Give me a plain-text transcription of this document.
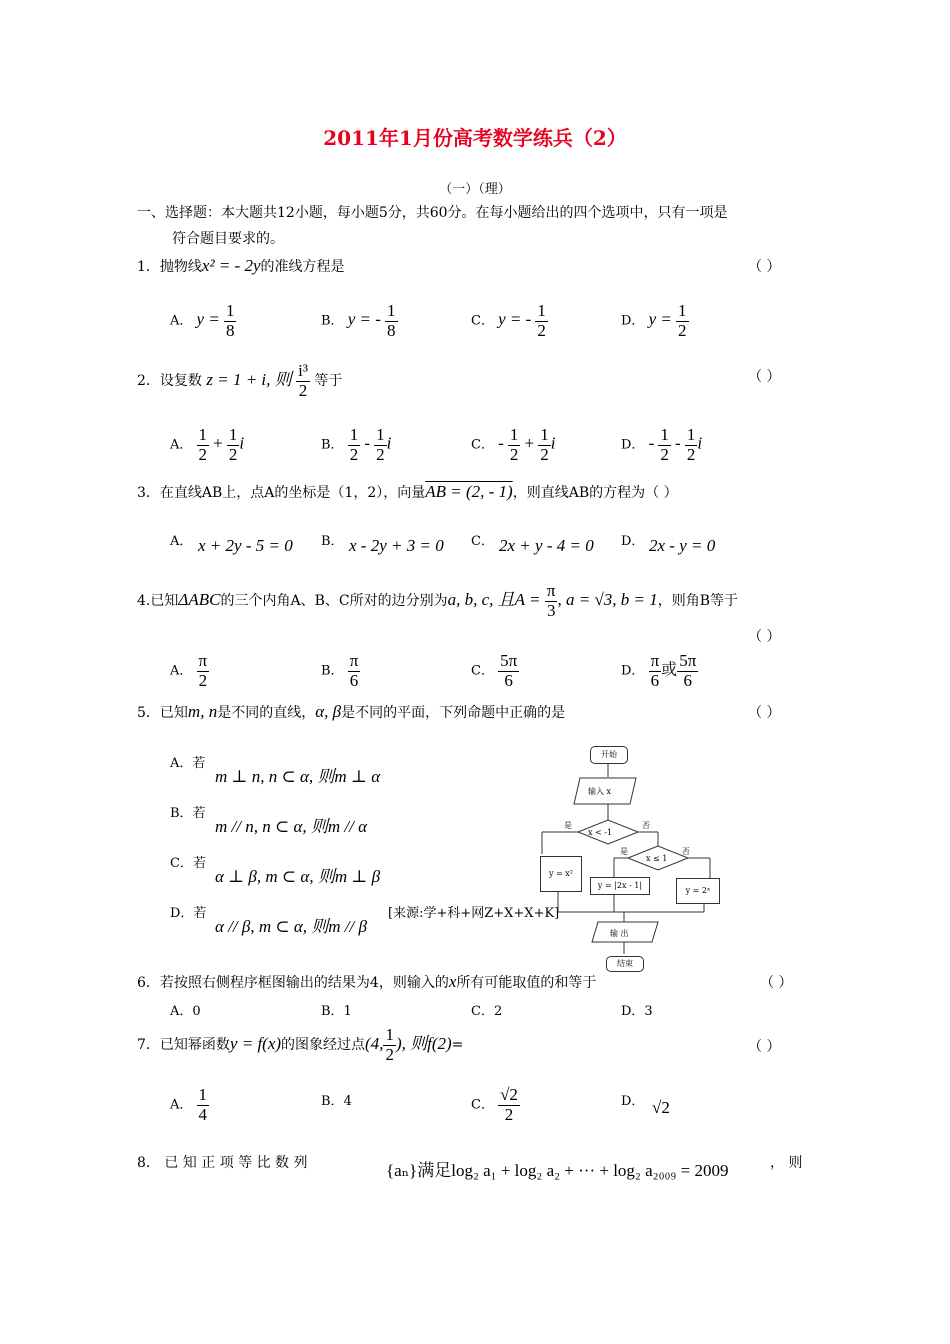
2011年1月份高考数学练兵（2）
（一）（理）
一、选择题：本大题共12小题，每小题5分，共60分。在每小题给出的四个选项中，只有一项是
符合题目要求的。
1．抛物线x² = - 2y的准线方程是	（ ）
A． $y = \frac{1}{8}$	B． y = - $\frac{1}{8}$	C． y = - $\frac{1}{2}$	D． $y = \frac{1}{2}$
2．设复数 z = 1 + i, 则 $\frac{\text{i³}}{2}$ 等于	（ ）
A． $\frac{1}{2} + \frac{1}{2}$ i	B． $\frac{1}{2} - \frac{1}{2}$ i	C． - $\frac{1}{2} + \frac{1}{2}$ i	D． - $\frac{1}{2} - \frac{1}{2}$ i
3．在直线AB上，点A的坐标是（1，2），向量AB = (2, - 1)，则直线AB的方程为（ ）
A． x + 2y - 5 = 0 B． x - 2y + 3 = 0 C． 2x + y - 4 = 0 D． 2x - y = 0
4.已知ΔABC的三个内角A、B、C所对的边分别为a, b, c, 且$A = \frac{\pi}{3}$ , a = √3, b = 1，则角B等于
（ ）
A． $\frac{\pi}{2}$	B． $\frac{\pi}{6}$	C． $\frac{5\pi}{6}$	D． $\frac{\pi}{6}$ 或 $\frac{5\pi}{6}$
5．已知m, n是不同的直线，α, β是不同的平面，下列命题中正确的是	（ ）
A．若
m ⊥ n, n ⊂ α, 则m ⊥ α
B．若
m // n, n ⊂ α, 则m // α
C．若
α ⊥ β, m ⊂ α, 则m ⊥ β
D．若
α // β, m ⊂ α, 则m // β
[来源:学+科+网Z+X+X+K]
开始
输入 x
x < -1
是	否
x ≤ 1
是	否
y = x²
y = |2x - 1|
y = 2ˣ
输 出
结束
6．若按照右侧程序框图输出的结果为4，则输入的x所有可能取值的和等于	（ ）
A．0	B．1	C．2	D．3
7．已知幂函数y = f(x)的图象经过点(4, $\frac{1}{2}$ ), 则f(2)=	（ ）
A． $\frac{1}{4}$	B．4	C． $\frac{√2}{2}$	D． √2
8． 已 知 正 项 等 比 数 列	{aₙ}满足log₂ a₁ + log₂ a₂ + ··· + log₂ a₂₀₀₉ = 2009	， 则
